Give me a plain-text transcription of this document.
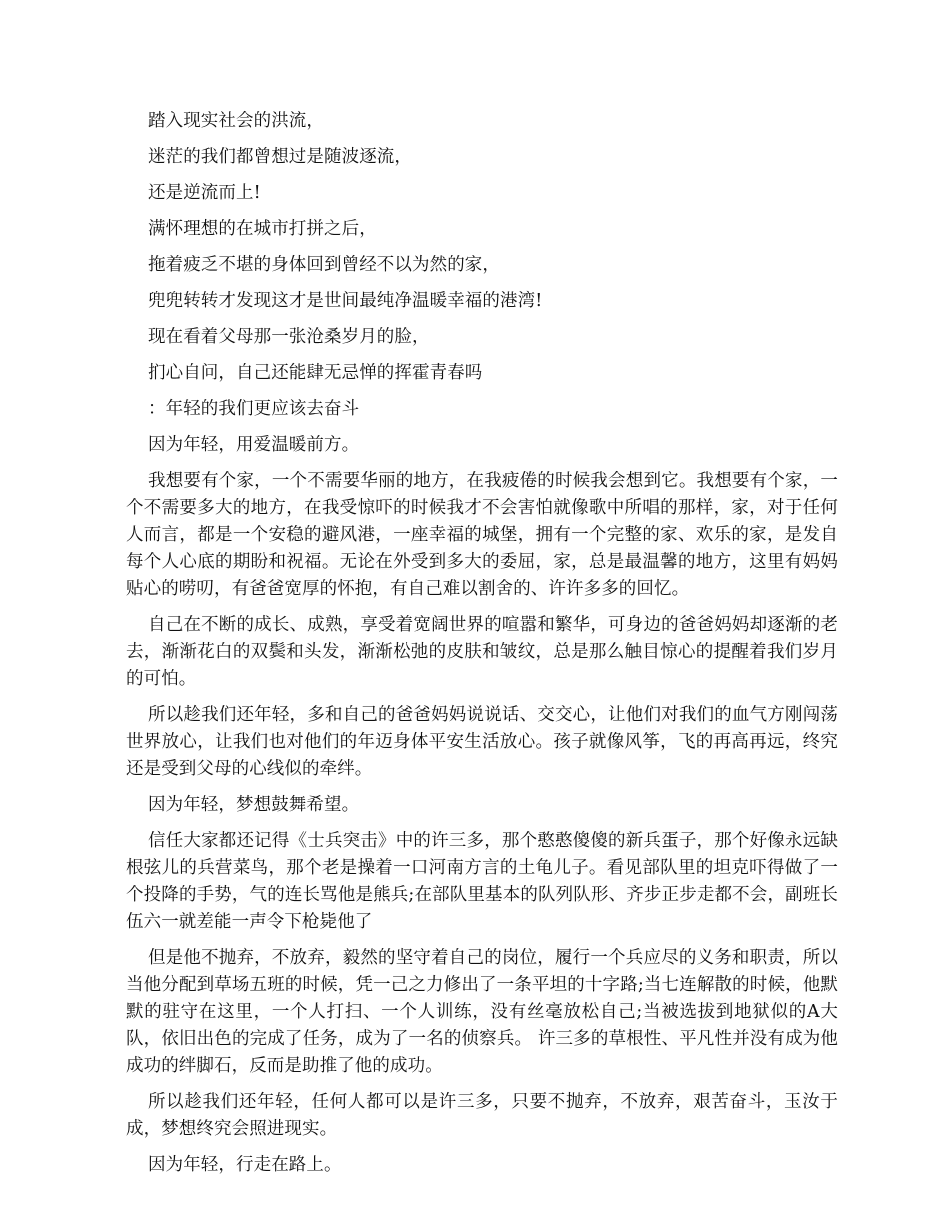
踏入现实社会的洪流，

迷茫的我们都曾想过是随波逐流，

还是逆流而上!

满怀理想的在城市打拼之后，

拖着疲乏不堪的身体回到曾经不以为然的家，

兜兜转转才发现这才是世间最纯净温暖幸福的港湾!

现在看着父母那一张沧桑岁月的脸，

扪心自问，自己还能肆无忌惮的挥霍青春吗

：年轻的我们更应该去奋斗

因为年轻，用爱温暖前方。

我想要有个家，一个不需要华丽的地方，在我疲倦的时候我会想到它。我想要有个家，一个不需要多大的地方，在我受惊吓的时候我才不会害怕就像歌中所唱的那样，家，对于任何人而言，都是一个安稳的避风港，一座幸福的城堡，拥有一个完整的家、欢乐的家，是发自每个人心底的期盼和祝福。无论在外受到多大的委屈，家，总是最温馨的地方，这里有妈妈贴心的唠叨，有爸爸宽厚的怀抱，有自己难以割舍的、许许多多的回忆。

自己在不断的成长、成熟，享受着宽阔世界的喧嚣和繁华，可身边的爸爸妈妈却逐渐的老去，渐渐花白的双鬓和头发，渐渐松弛的皮肤和皱纹，总是那么触目惊心的提醒着我们岁月的可怕。

所以趁我们还年轻，多和自己的爸爸妈妈说说话、交交心，让他们对我们的血气方刚闯荡世界放心，让我们也对他们的年迈身体平安生活放心。孩子就像风筝，飞的再高再远，终究还是受到父母的心线似的牵绊。

因为年轻，梦想鼓舞希望。

信任大家都还记得《士兵突击》中的许三多，那个憨憨傻傻的新兵蛋子，那个好像永远缺根弦儿的兵营菜鸟，那个老是操着一口河南方言的土龟儿子。看见部队里的坦克吓得做了一个投降的手势，气的连长骂他是熊兵;在部队里基本的队列队形、齐步正步走都不会，副班长伍六一就差能一声令下枪毙他了

但是他不抛弃，不放弃，毅然的坚守着自己的岗位，履行一个兵应尽的义务和职责，所以当他分配到草场五班的时候，凭一己之力修出了一条平坦的十字路;当七连解散的时候，他默默的驻守在这里，一个人打扫、一个人训练，没有丝毫放松自己;当被选拔到地狱似的A大队，依旧出色的完成了任务，成为了一名的侦察兵。 许三多的草根性、平凡性并没有成为他成功的绊脚石，反而是助推了他的成功。

所以趁我们还年轻，任何人都可以是许三多，只要不抛弃，不放弃，艰苦奋斗，玉汝于成，梦想终究会照进现实。

因为年轻，行走在路上。
